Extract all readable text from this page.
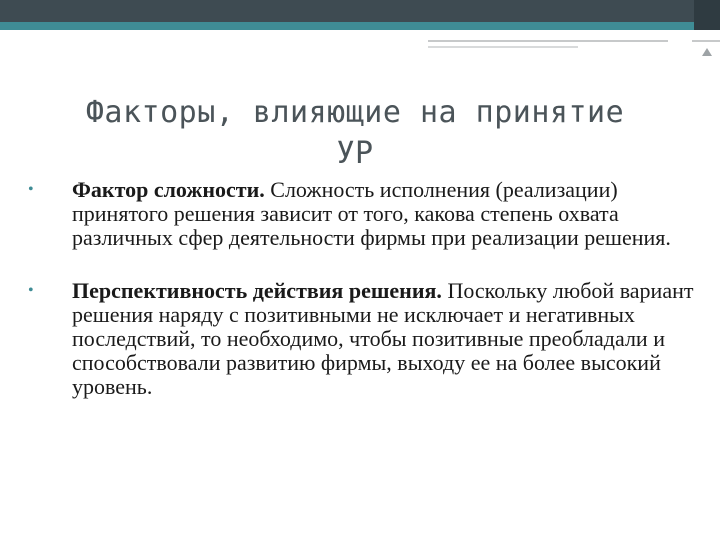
Факторы, влияющие на принятие
УР
• Фактор сложности. Сложность исполнения (реализации) принятого решения зависит от того, какова степень охвата различных сфер деятельности фирмы при реализации решения.
• Перспективность действия решения. Поскольку любой вариант решения наряду с позитивными не исключает и негативных последствий, то необходимо, чтобы позитивные преобладали и способствовали развитию фирмы, выходу ее на более высокий уровень.
